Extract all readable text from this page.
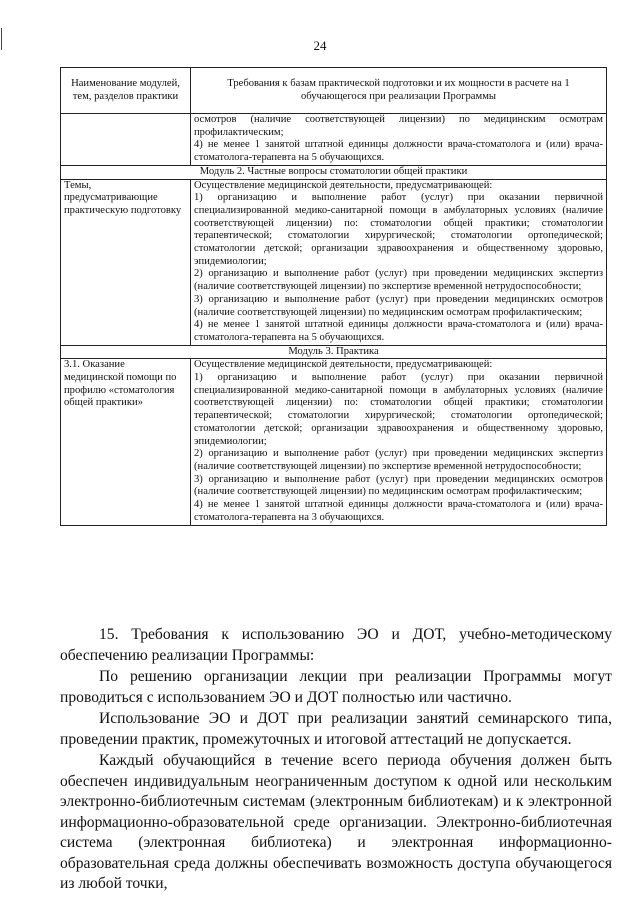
24
Наименование модулей, тем, разделов практики	Требования к базам практической подготовки и их мощности в расчете на 1 обучающегося при реализации Программы

	осмотров (наличие соответствующей лицензии) по медицинским осмотрам профилактическим;
4) не менее 1 занятой штатной единицы должности врача-стоматолога и (или) врача-стоматолога-терапевта на 5 обучающихся.

Модуль 2. Частные вопросы стоматологии общей практики	
Темы, предусматривающие практическую подготовку	Осуществление медицинской деятельности, предусматривающей:
1) организацию и выполнение работ (услуг) при оказании первичной специализированной медико-санитарной помощи в амбулаторных условиях (наличие соответствующей лицензии) по: стоматологии общей практики; стоматологии терапевтической; стоматологии хирургической; стоматологии ортопедической; стоматологии детской; организации здравоохранения и общественному здоровью, эпидемиологии;
2) организацию и выполнение работ (услуг) при проведении медицинских экспертиз (наличие соответствующей лицензии) по экспертизе временной нетрудоспособности;
3) организацию и выполнение работ (услуг) при проведении медицинских осмотров (наличие соответствующей лицензии) по медицинским осмотрам профилактическим;
4) не менее 1 занятой штатной единицы должности врача-стоматолога и (или) врача-стоматолога-терапевта на 5 обучающихся.

Модуль 3. Практика	
3.1. Оказание медицинской помощи по профилю «стоматология общей практики»	Осуществление медицинской деятельности, предусматривающей:
1) организацию и выполнение работ (услуг) при оказании первичной специализированной медико-санитарной помощи в амбулаторных условиях (наличие соответствующей лицензии) по: стоматологии общей практики; стоматологии терапевтической; стоматологии хирургической; стоматологии ортопедической; стоматологии детской; организации здравоохранения и общественному здоровью, эпидемиологии;
2) организацию и выполнение работ (услуг) при проведении медицинских экспертиз (наличие соответствующей лицензии) по экспертизе временной нетрудоспособности;
3) организацию и выполнение работ (услуг) при проведении медицинских осмотров (наличие соответствующей лицензии) по медицинским осмотрам профилактическим;
4) не менее 1 занятой штатной единицы должности врача-стоматолога и (или) врача-стоматолога-терапевта на 3 обучающихся.

15. Требования к использованию ЭО и ДОТ, учебно-методическому обеспечению реализации Программы:

По решению организации лекции при реализации Программы могут проводиться с использованием ЭО и ДОТ полностью или частично.

Использование ЭО и ДОТ при реализации занятий семинарского типа, проведении практик, промежуточных и итоговой аттестаций не допускается.

Каждый обучающийся в течение всего периода обучения должен быть обеспечен индивидуальным неограниченным доступом к одной или нескольким электронно-библиотечным системам (электронным библиотекам) и к электронной информационно-образовательной среде организации. Электронно-библиотечная система (электронная библиотека) и электронная информационно-образовательная среда должны обеспечивать возможность доступа обучающегося из любой точки,
